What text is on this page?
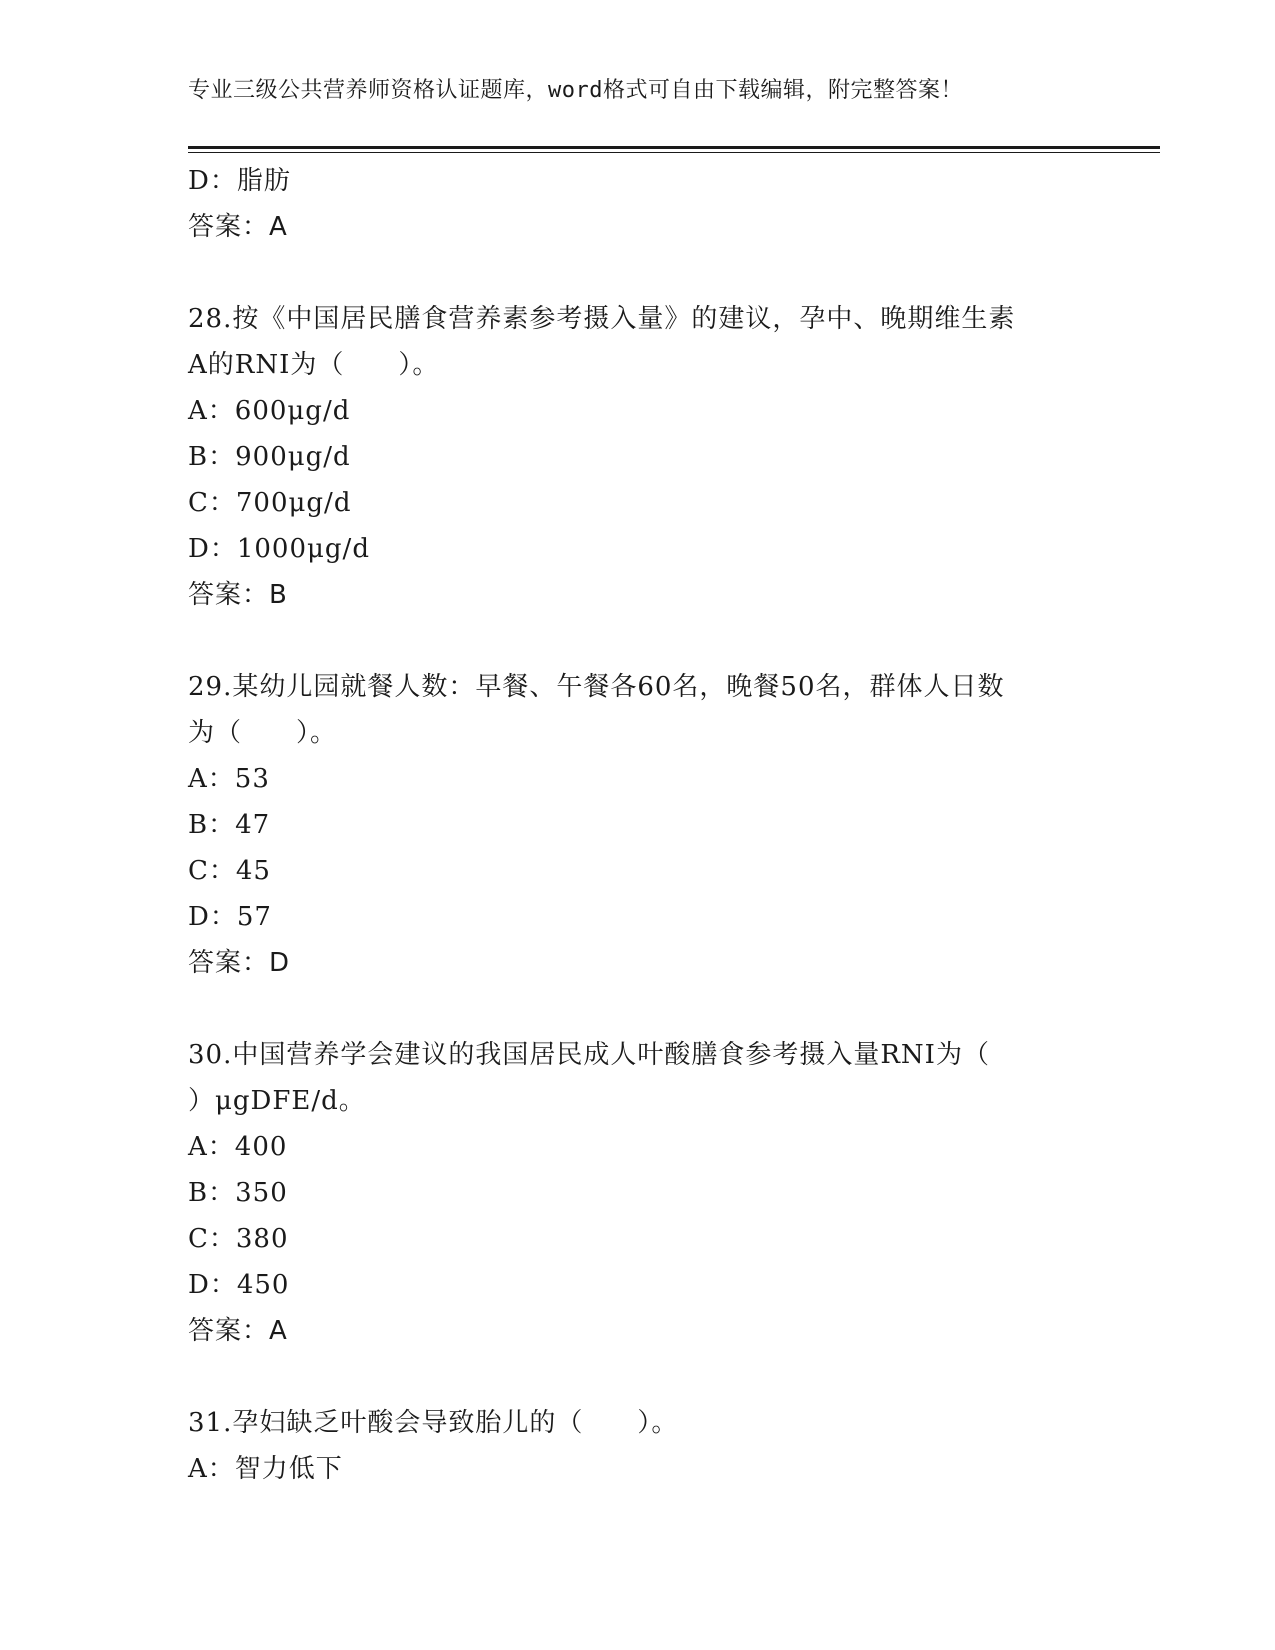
专业三级公共营养师资格认证题库，word格式可自由下载编辑，附完整答案！
D：脂肪
答案：A
28.按《中国居民膳食营养素参考摄入量》的建议，孕中、晚期维生素
A的RNI为（　　）。
A：600μg/d
B：900μg/d
C：700μg/d
D：1000μg/d
答案：B
29.某幼儿园就餐人数：早餐、午餐各60名，晚餐50名，群体人日数
为（　　）。
A：53
B：47
C：45
D：57
答案：D
30.中国营养学会建议的我国居民成人叶酸膳食参考摄入量RNI为（
）μgDFE/d。
A：400
B：350
C：380
D：450
答案：A
31.孕妇缺乏叶酸会导致胎儿的（　　）。
A：智力低下
